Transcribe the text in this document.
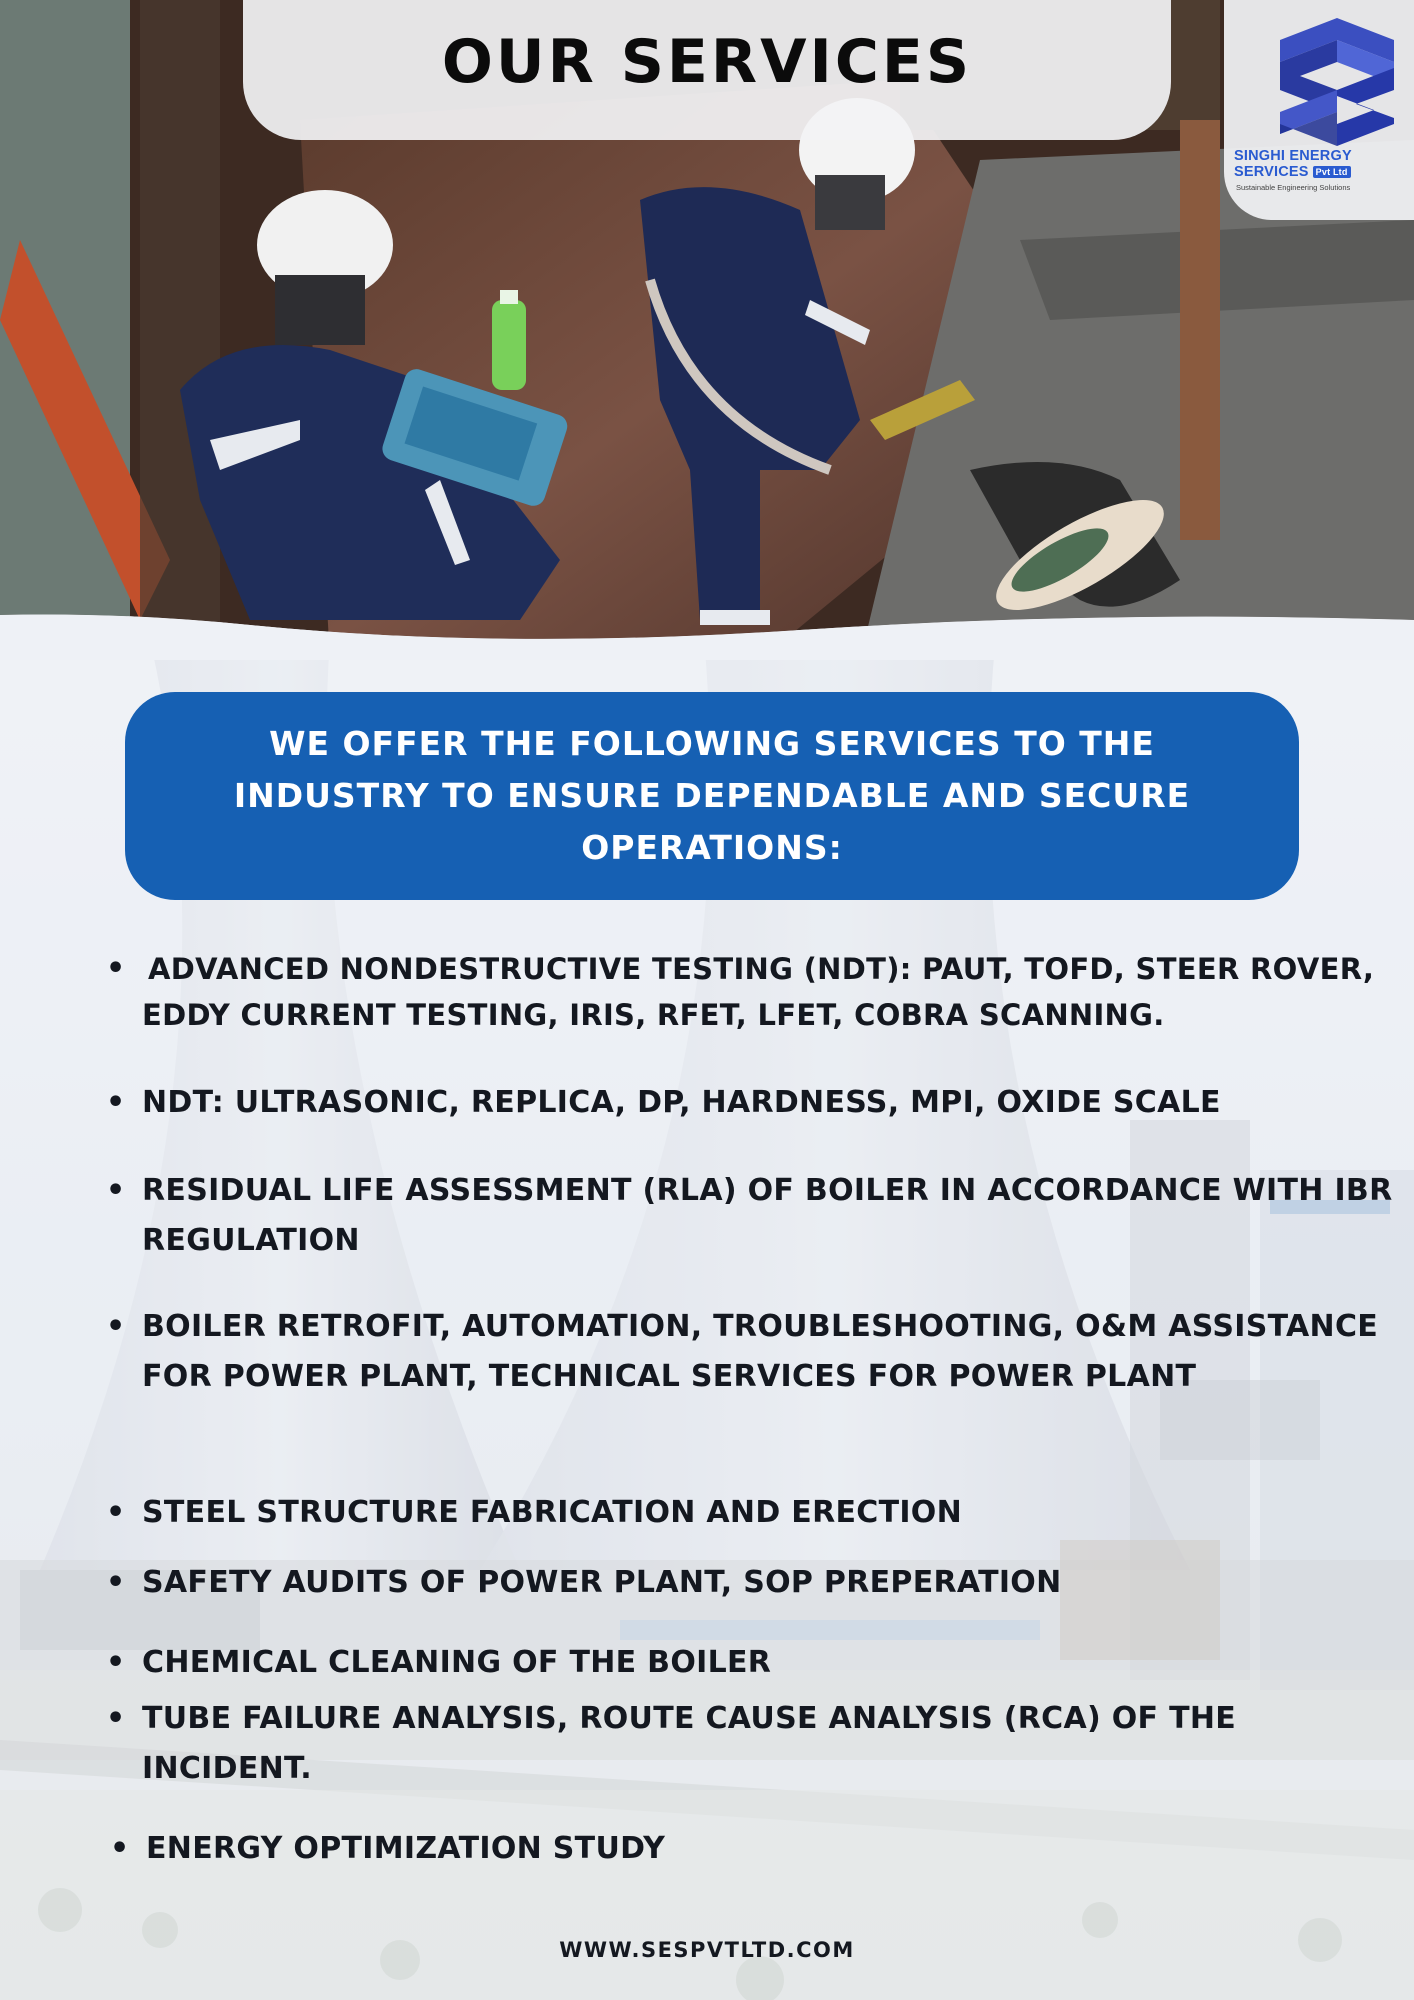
OUR SERVICES
SINGHI ENERGY
SERVICES Pvt Ltd
Sustainable Engineering Solutions

WE OFFER THE FOLLOWING SERVICES TO THE INDUSTRY TO ENSURE DEPENDABLE AND SECURE OPERATIONS:

• ADVANCED NONDESTRUCTIVE TESTING (NDT): PAUT, TOFD, STEER ROVER, EDDY CURRENT TESTING, IRIS, RFET, LFET, COBRA SCANNING.
• NDT: ULTRASONIC, REPLICA, DP, HARDNESS, MPI, OXIDE SCALE
• RESIDUAL LIFE ASSESSMENT (RLA) OF BOILER IN ACCORDANCE WITH IBR REGULATION
• BOILER RETROFIT, AUTOMATION, TROUBLESHOOTING, O&M ASSISTANCE FOR POWER PLANT, TECHNICAL SERVICES FOR POWER PLANT
• STEEL STRUCTURE FABRICATION AND ERECTION
• SAFETY AUDITS OF POWER PLANT, SOP PREPERATION
• CHEMICAL CLEANING OF THE BOILER
• TUBE FAILURE ANALYSIS, ROUTE CAUSE ANALYSIS (RCA) OF THE INCIDENT.
• ENERGY OPTIMIZATION STUDY
WWW.SESPVTLTD.COM
